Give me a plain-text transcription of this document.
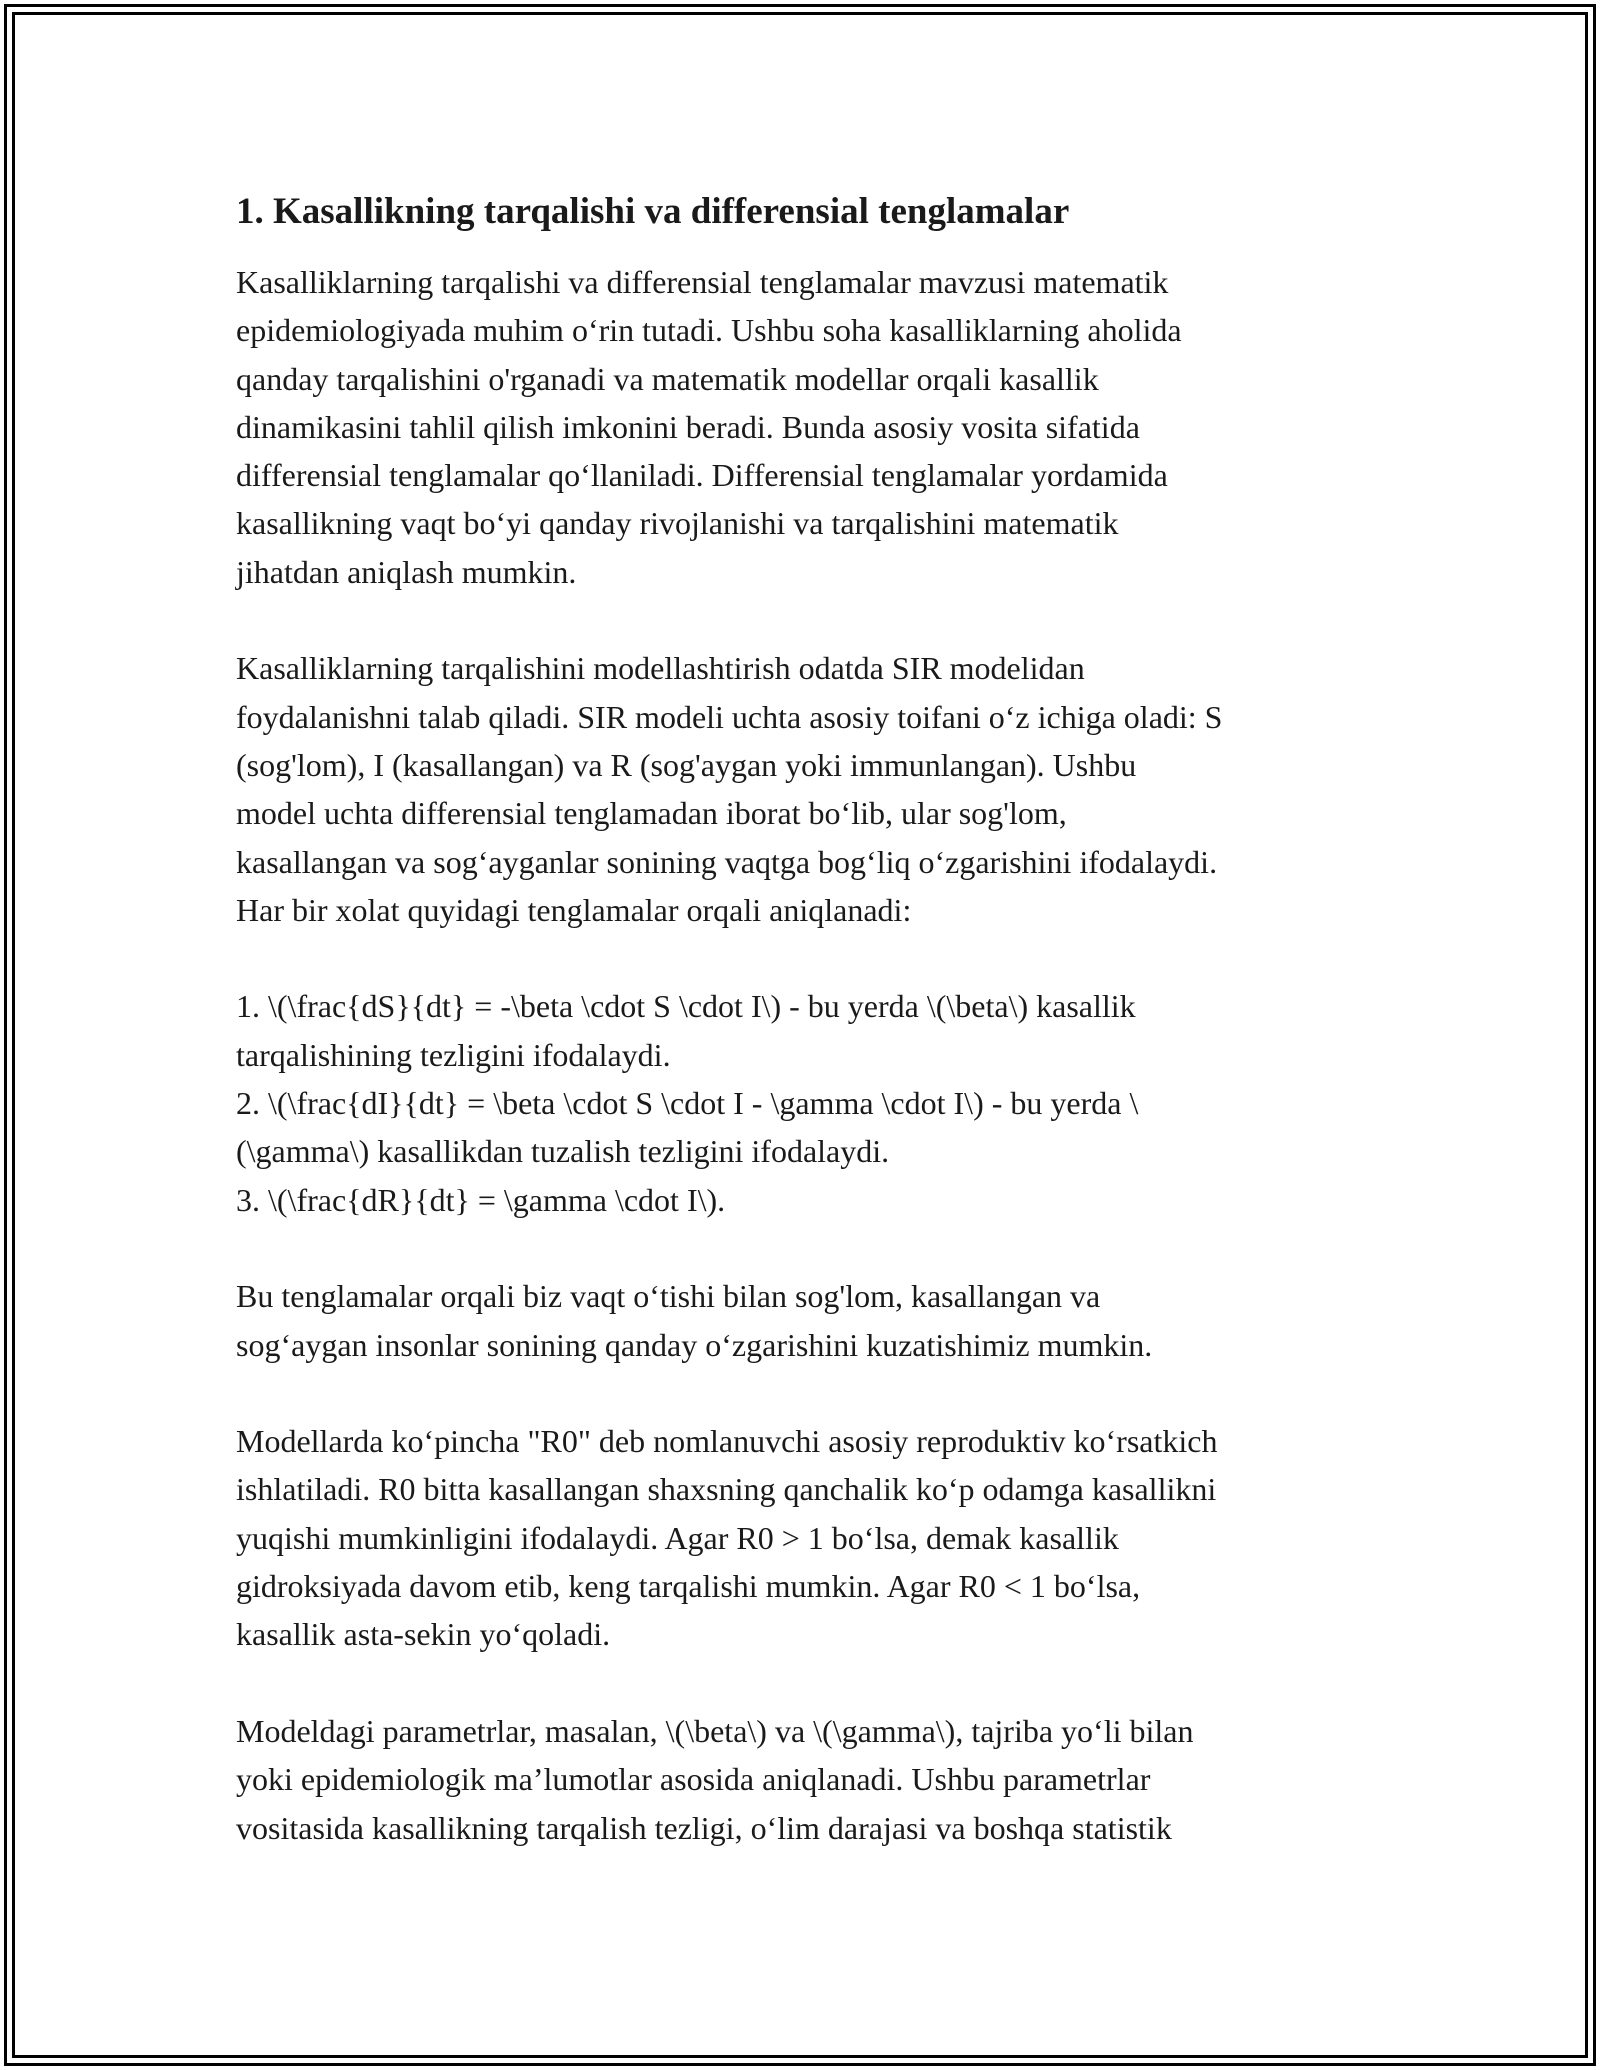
1. Kasallikning tarqalishi va differensial tenglamalar
Kasalliklarning tarqalishi va differensial tenglamalar mavzusi matematik
epidemiologiyada muhim o‘rin tutadi. Ushbu soha kasalliklarning aholida
qanday tarqalishini o'rganadi va matematik modellar orqali kasallik
dinamikasini tahlil qilish imkonini beradi. Bunda asosiy vosita sifatida
differensial tenglamalar qo‘llaniladi. Differensial tenglamalar yordamida
kasallikning vaqt bo‘yi qanday rivojlanishi va tarqalishini matematik
jihatdan aniqlash mumkin.
Kasalliklarning tarqalishini modellashtirish odatda SIR modelidan
foydalanishni talab qiladi. SIR modeli uchta asosiy toifani o‘z ichiga oladi: S
(sog'lom), I (kasallangan) va R (sog'aygan yoki immunlangan). Ushbu
model uchta differensial tenglamadan iborat bo‘lib, ular sog'lom,
kasallangan va sog‘ayganlar sonining vaqtga bog‘liq o‘zgarishini ifodalaydi.
Har bir xolat quyidagi tenglamalar orqali aniqlanadi:
1. \(\frac{dS}{dt} = -\beta \cdot S \cdot I\) - bu yerda \(\beta\) kasallik
tarqalishining tezligini ifodalaydi.
2. \(\frac{dI}{dt} = \beta \cdot S \cdot I - \gamma \cdot I\) - bu yerda \
(\gamma\) kasallikdan tuzalish tezligini ifodalaydi.
3. \(\frac{dR}{dt} = \gamma \cdot I\).
Bu tenglamalar orqali biz vaqt o‘tishi bilan sog'lom, kasallangan va
sog‘aygan insonlar sonining qanday o‘zgarishini kuzatishimiz mumkin.
Modellarda ko‘pincha "R0" deb nomlanuvchi asosiy reproduktiv ko‘rsatkich
ishlatiladi. R0 bitta kasallangan shaxsning qanchalik ko‘p odamga kasallikni
yuqishi mumkinligini ifodalaydi. Agar R0 > 1 bo‘lsa, demak kasallik
gidroksiyada davom etib, keng tarqalishi mumkin. Agar R0 < 1 bo‘lsa,
kasallik asta-sekin yo‘qoladi.
Modeldagi parametrlar, masalan, \(\beta\) va \(\gamma\), tajriba yo‘li bilan
yoki epidemiologik ma’lumotlar asosida aniqlanadi. Ushbu parametrlar
vositasida kasallikning tarqalish tezligi, o‘lim darajasi va boshqa statistik
